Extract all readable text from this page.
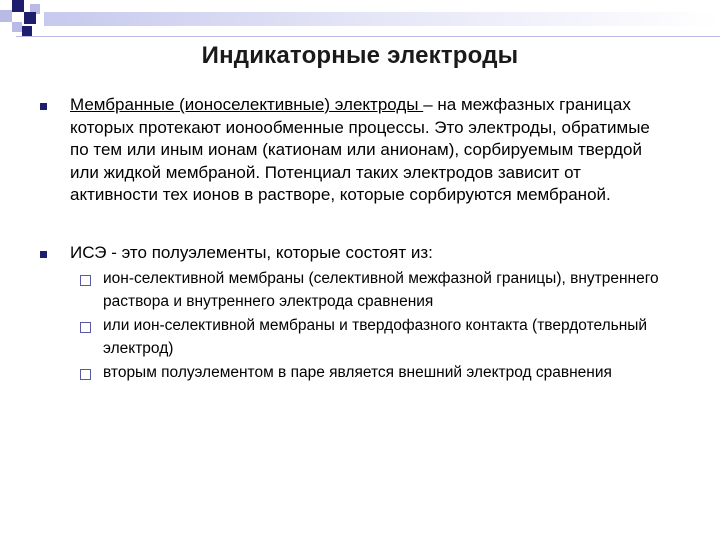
Индикаторные электроды
Мембранные (ионоселективные) электроды – на межфазных границах которых протекают ионообменные процессы. Это электроды, обратимые по тем или иным ионам (катионам или анионам), сорбируемым твердой или жидкой мембраной. Потенциал таких электродов зависит от активности тех ионов в растворе, которые сорбируются мембраной.
ИСЭ - это полуэлементы, которые состоят из:
ион-селективной мембраны (селективной межфазной границы), внутреннего раствора и внутреннего электрода сравнения
или ион-селективной мембраны и твердофазного контакта (твердотельный электрод)
вторым полуэлементом в паре является внешний электрод сравнения
